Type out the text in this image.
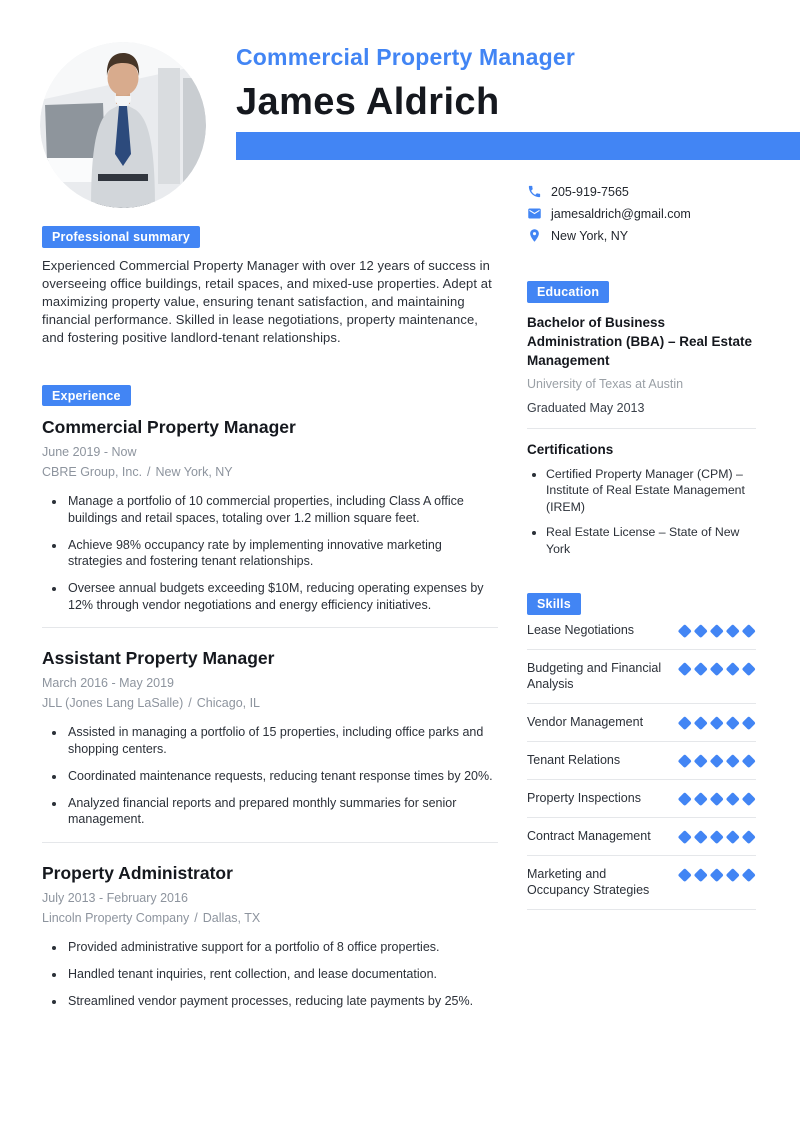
Commercial Property Manager
James Aldrich
Professional summary

Experienced Commercial Property Manager with over 12 years of success in overseeing office buildings, retail spaces, and mixed-use properties. Adept at maximizing property value, ensuring tenant satisfaction, and maintaining financial performance. Skilled in lease negotiations, property maintenance, and fostering positive landlord-tenant relationships.

Experience
Commercial Property Manager
June 2019 - Now
CBRE Group, Inc. / New York, NY
• Manage a portfolio of 10 commercial properties, including Class A office buildings and retail spaces, totaling over 1.2 million square feet.
• Achieve 98% occupancy rate by implementing innovative marketing strategies and fostering tenant relationships.
• Oversee annual budgets exceeding $10M, reducing operating expenses by 12% through vendor negotiations and energy efficiency initiatives.
Assistant Property Manager
March 2016 - May 2019
JLL (Jones Lang LaSalle) / Chicago, IL
• Assisted in managing a portfolio of 15 properties, including office parks and shopping centers.
• Coordinated maintenance requests, reducing tenant response times by 20%.
• Analyzed financial reports and prepared monthly summaries for senior management.
Property Administrator
July 2013 - February 2016
Lincoln Property Company / Dallas, TX
• Provided administrative support for a portfolio of 8 office properties.
• Handled tenant inquiries, rent collection, and lease documentation.
• Streamlined vendor payment processes, reducing late payments by 25%.
205-919-7565
jamesaldrich@gmail.com
New York, NY
Education
Bachelor of Business Administration (BBA) – Real Estate Management
University of Texas at Austin
Graduated May 2013
Certifications
• Certified Property Manager (CPM) – Institute of Real Estate Management (IREM)
• Real Estate License – State of New York
Skills
Lease Negotiations
Budgeting and Financial Analysis
Vendor Management
Tenant Relations
Property Inspections
Contract Management
Marketing and Occupancy Strategies
